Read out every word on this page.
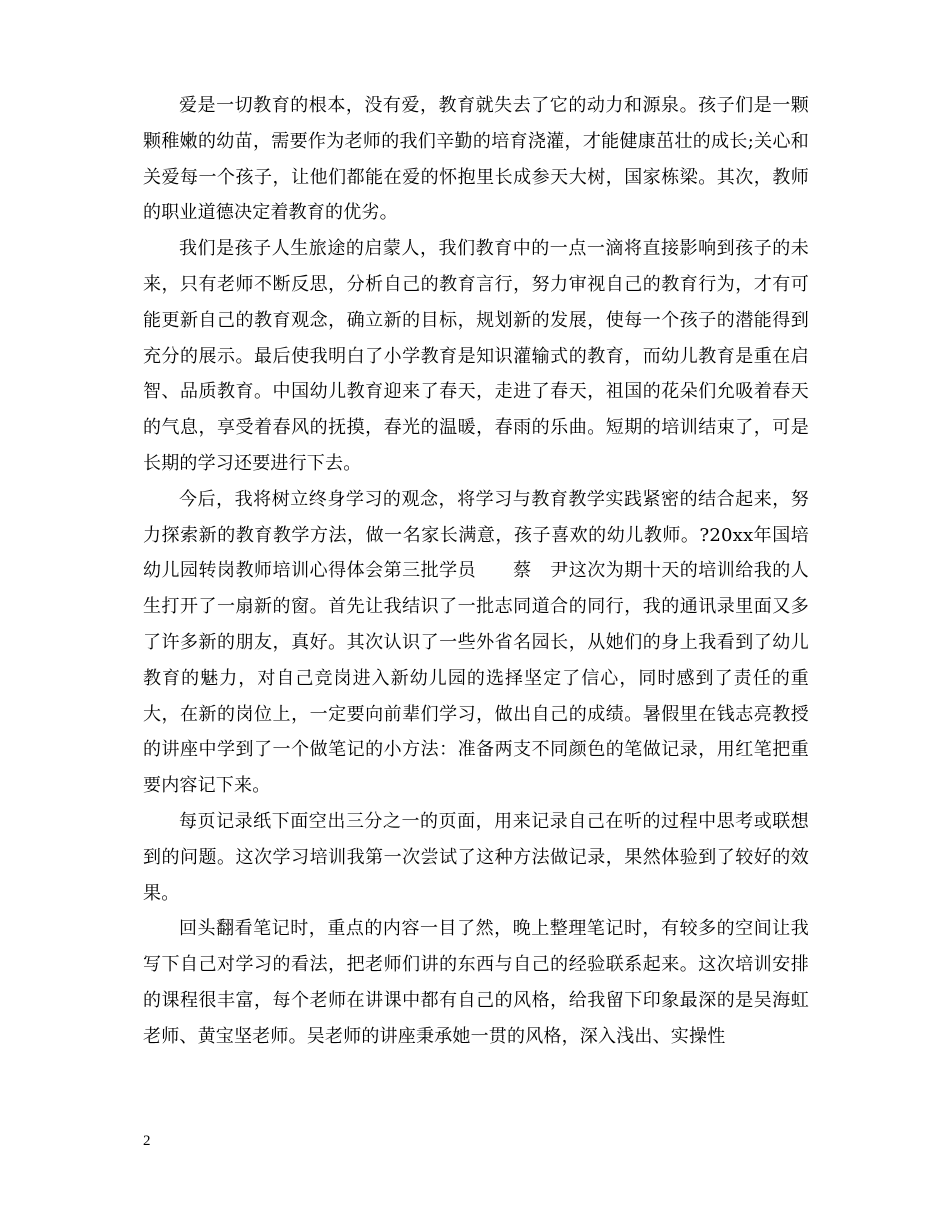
爱是一切教育的根本，没有爱，教育就失去了它的动力和源泉。孩子们是一颗颗稚嫩的幼苗，需要作为老师的我们辛勤的培育浇灌，才能健康茁壮的成长;关心和关爱每一个孩子，让他们都能在爱的怀抱里长成参天大树，国家栋梁。其次，教师的职业道德决定着教育的优劣。

我们是孩子人生旅途的启蒙人，我们教育中的一点一滴将直接影响到孩子的未来，只有老师不断反思，分析自己的教育言行，努力审视自己的教育行为，才有可能更新自己的教育观念，确立新的目标，规划新的发展，使每一个孩子的潜能得到充分的展示。最后使我明白了小学教育是知识灌输式的教育，而幼儿教育是重在启智、品质教育。中国幼儿教育迎来了春天，走进了春天，祖国的花朵们允吸着春天的气息，享受着春风的抚摸，春光的温暖，春雨的乐曲。短期的培训结束了，可是长期的学习还要进行下去。

今后，我将树立终身学习的观念，将学习与教育教学实践紧密的结合起来，努力探索新的教育教学方法，做一名家长满意，孩子喜欢的幼儿教师。?20xx年国培幼儿园转岗教师培训心得体会第三批学员　　蔡　尹这次为期十天的培训给我的人生打开了一扇新的窗。首先让我结识了一批志同道合的同行，我的通讯录里面又多了许多新的朋友，真好。其次认识了一些外省名园长，从她们的身上我看到了幼儿教育的魅力，对自己竞岗进入新幼儿园的选择坚定了信心，同时感到了责任的重大，在新的岗位上，一定要向前辈们学习，做出自己的成绩。暑假里在钱志亮教授的讲座中学到了一个做笔记的小方法：准备两支不同颜色的笔做记录，用红笔把重要内容记下来。

每页记录纸下面空出三分之一的页面，用来记录自己在听的过程中思考或联想到的问题。这次学习培训我第一次尝试了这种方法做记录，果然体验到了较好的效果。

回头翻看笔记时，重点的内容一目了然，晚上整理笔记时，有较多的空间让我写下自己对学习的看法，把老师们讲的东西与自己的经验联系起来。这次培训安排的课程很丰富，每个老师在讲课中都有自己的风格，给我留下印象最深的是吴海虹老师、黄宝坚老师。吴老师的讲座秉承她一贯的风格，深入浅出、实操性

2
